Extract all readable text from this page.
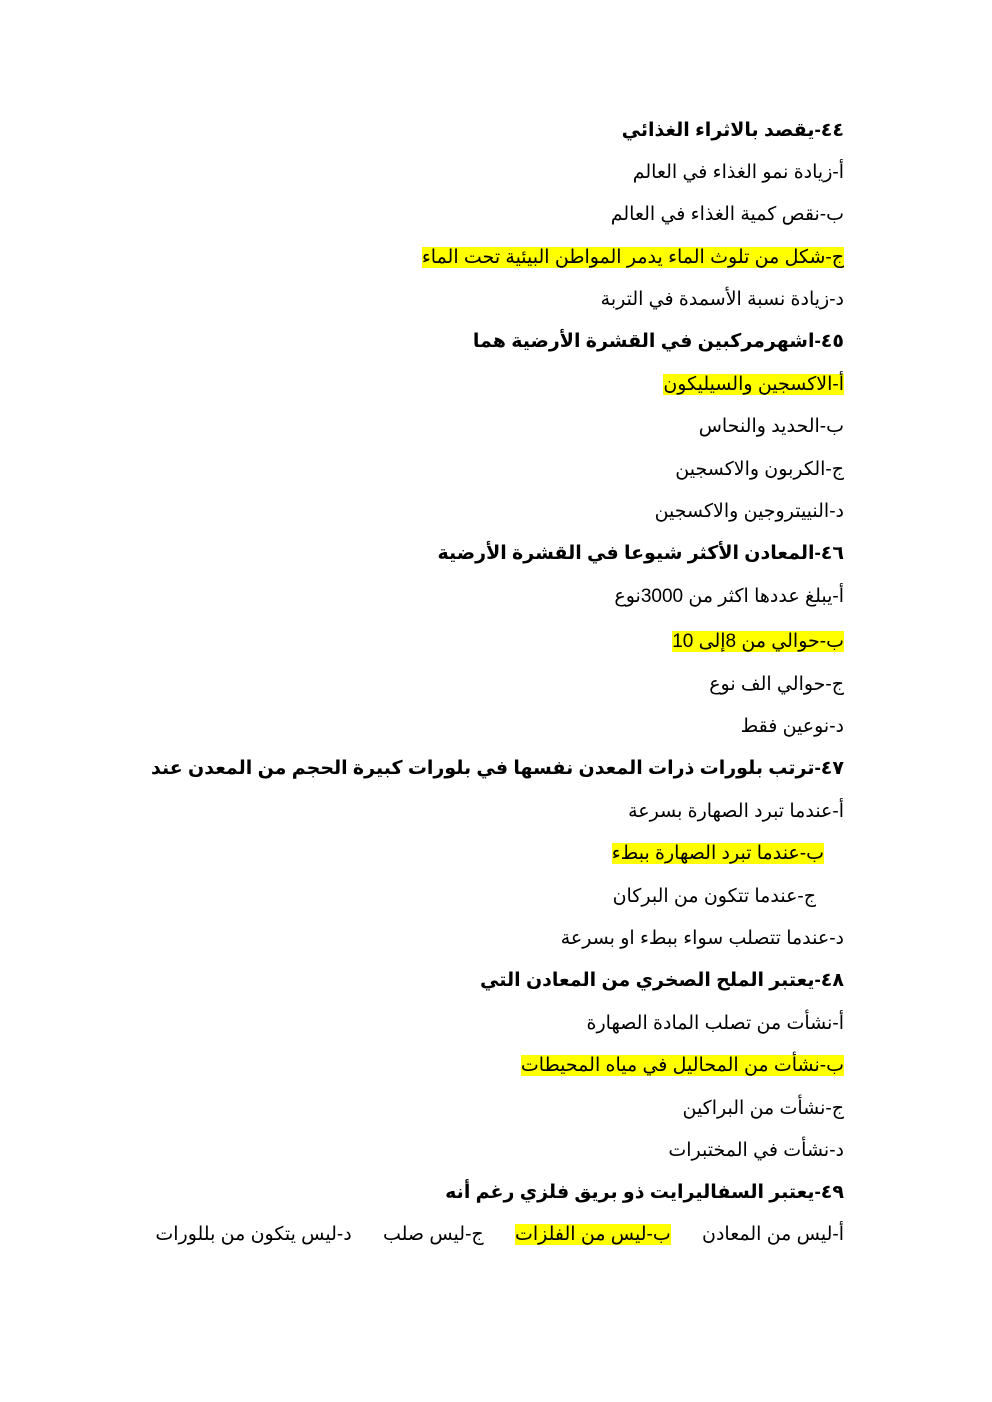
٤٤-يقصد بالاثراء الغذائي
أ-زيادة نمو الغذاء في العالم
ب-نقص كمية الغذاء في العالم
ج-شكل من تلوث الماء يدمر المواطن البيئية تحت الماء
د-زيادة نسبة الأسمدة في التربة
٤٥-اشهرمركبين في القشرة الأرضية هما
أ-الاكسجين والسيليكون
ب-الحديد والنحاس
ج-الكربون والاكسجين
د-النييتروجين والاكسجين
٤٦-المعادن الأكثر شيوعا في القشرة الأرضية
أ-يبلغ عددها اكثر من 3000نوع
ب-حوالي من 8إلى 10
ج-حوالي الف نوع
د-نوعين فقط
٤٧-ترتب بلورات ذرات المعدن نفسها في بلورات كبيرة الحجم من المعدن عند
أ-عندما تبرد الصهارة بسرعة
ب-عندما تبرد الصهارة ببطء
ج-عندما تتكون من البركان
د-عندما تتصلب سواء ببطء او بسرعة
٤٨-يعتبر الملح الصخري من المعادن التي
أ-نشأت من تصلب المادة الصهارة
ب-نشأت من المحاليل في مياه المحيطات
ج-نشأت من البراكين
د-نشأت في المختبرات
٤٩-يعتبر السفاليرايت ذو بريق فلزي رغم أنه
أ-ليس من المعادن ب-ليس من الفلزات ج-ليس صلب د-ليس يتكون من بللورات
